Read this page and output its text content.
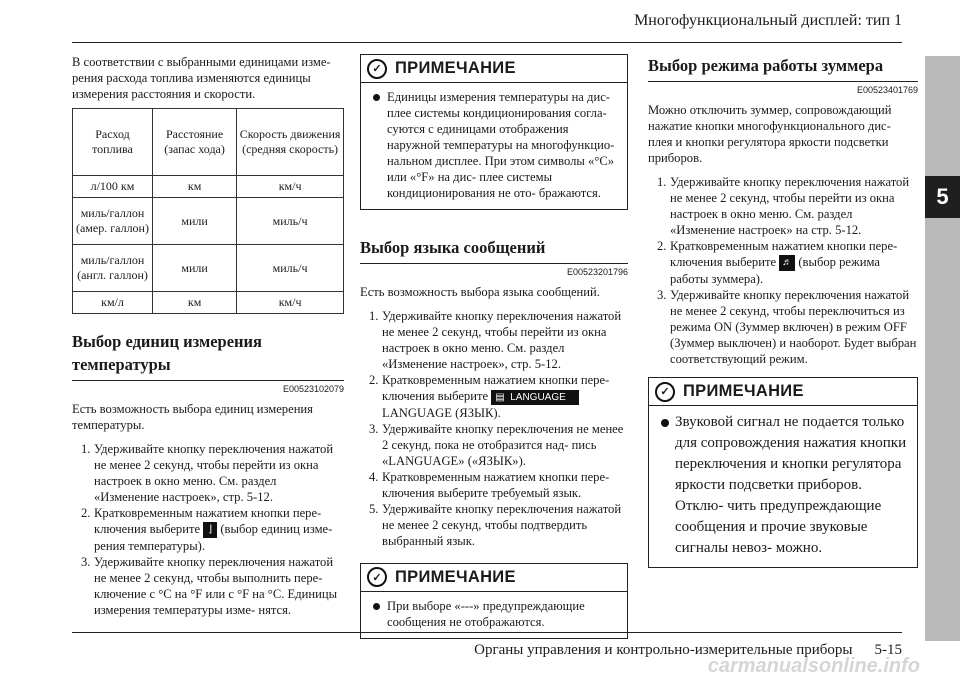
Многофункциональный дисплей: тип 1
5

В соответствии с выбранными единицами изме- рения расхода топлива изменяются единицы измерения расстояния и скорости.

Расход топлива	Расстояние (запас хода)	Скорость движения (средняя скорость)
л/100 км	км	км/ч
миль/галлон (амер. галлон)	мили	миль/ч
миль/галлон (англ. галлон)	мили	миль/ч
км/л	км	км/ч

Выбор единиц измерения температуры

E00523102079

Есть возможность выбора единиц измерения температуры.

1. Удерживайте кнопку переключения нажатой не менее 2 секунд, чтобы перейти из окна настроек в окно меню. См. раздел «Изменение настроек», стр. 5-12.
2. Кратковременным нажатием кнопки пере- ключения выберите ⌋ (выбор единиц изме- рения температуры).
3. Удерживайте кнопку переключения нажатой не менее 2 секунд, чтобы выполнить пере- ключение с °C на °F или с °F на °C. Единицы измерения температуры изме- нятся.
✓ ПРИМЕЧАНИЕ

Единицы измерения температуры на дис- плее системы кондиционирования согла- суются с единицами отображения наружной температуры на многофункцио- нальном дисплее. При этом символы «°C» или «°F» на дис- плее системы кондиционирования не ото- бражаются.

Выбор языка сообщений

E00523201796

Есть возможность выбора языка сообщений.

1. Удерживайте кнопку переключения нажатой не менее 2 секунд, чтобы перейти из окна настроек в окно меню. См. раздел «Изменение настроек», стр. 5-12.
2. Кратковременным нажатием кнопки пере- ключения выберите ▤  LANGUAGE
LANGUAGE (ЯЗЫК).
3. Удерживайте кнопку переключения не менее 2 секунд, пока не отобразится над- пись «LANGUAGE» («ЯЗЫК»).
4. Кратковременным нажатием кнопки пере- ключения выберите требуемый язык.
5. Удерживайте кнопку переключения нажатой не менее 2 секунд, чтобы подтвердить выбранный язык.
✓ ПРИМЕЧАНИЕ

При выборе «---» предупреждающие сообщения не отображаются.

Выбор режима работы зуммера

E00523401769

Можно отключить зуммер, сопровождающий нажатие кнопки многофункционального дис- плея и кнопки регулятора яркости подсветки приборов.

1. Удерживайте кнопку переключения нажатой не менее 2 секунд, чтобы перейти из окна настроек в окно меню. См. раздел «Изменение настроек» на стр. 5-12.
2. Кратковременным нажатием кнопки пере- ключения выберите ♬ (выбор режима работы зуммера).
3. Удерживайте кнопку переключения нажатой не менее 2 секунд, чтобы переключиться из режима ON (Зуммер включен) в режим OFF (Зуммер выключен) и наоборот. Будет выбран соответствующий режим.
✓ ПРИМЕЧАНИЕ

Звуковой сигнал не подается только для сопровождения нажатия кнопки переключения и кнопки регулятора яркости подсветки приборов. Отклю- чить предупреждающие сообщения и прочие звуковые сигналы невоз- можно.

Органы управления и контрольно-измерительные приборы 5-15
carmanualsonline.info
